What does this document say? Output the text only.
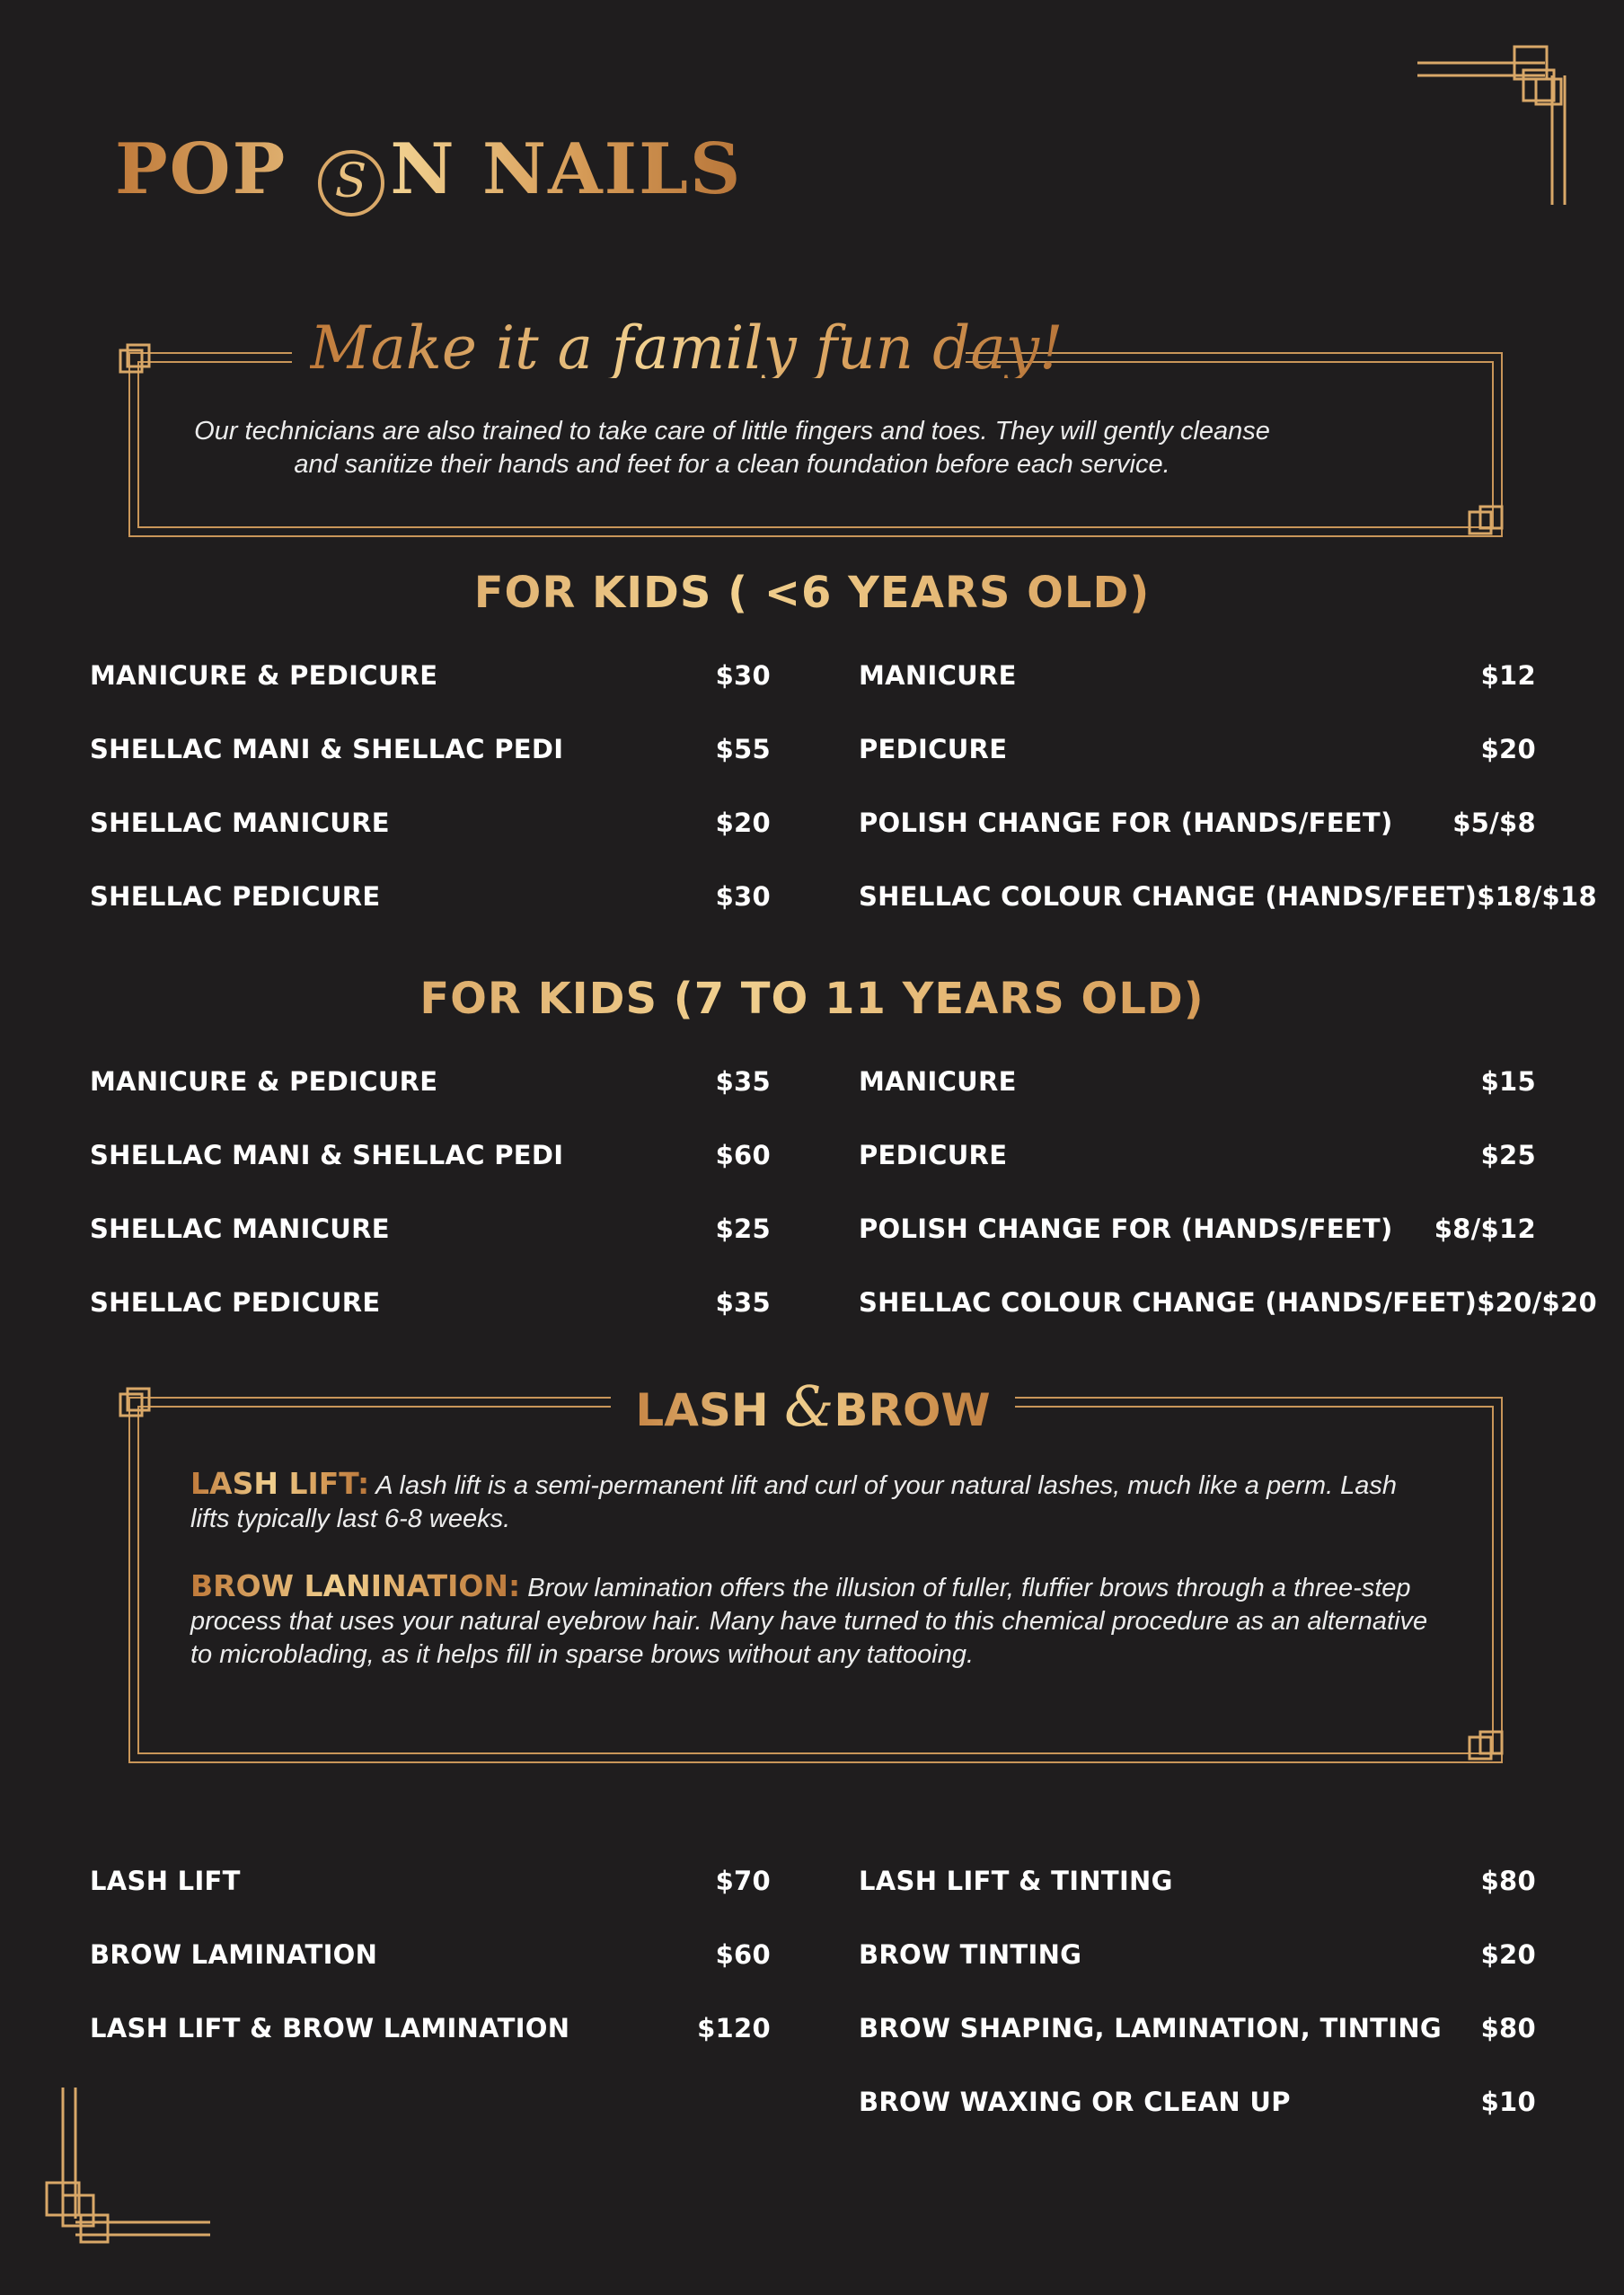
POP S N NAILS
Make it a family fun day!
Our technicians are also trained to take care of little fingers and toes. They will gently cleanse and sanitize their hands and feet for a clean foundation before each service.
FOR KIDS ( <6 YEARS OLD)
MANICURE & PEDICURE	$30
SHELLAC MANI & SHELLAC PEDI	$55
SHELLAC MANICURE	$20
SHELLAC PEDICURE	$30
MANICURE	$12
PEDICURE	$20
POLISH CHANGE FOR (HANDS/FEET) $5/$8
SHELLAC COLOUR CHANGE (HANDS/FEET) $18/$18
FOR KIDS (7 TO 11 YEARS OLD)
MANICURE & PEDICURE	$35
SHELLAC MANI & SHELLAC PEDI	$60
SHELLAC MANICURE	$25
SHELLAC PEDICURE	$35
MANICURE	$15
PEDICURE	$25
POLISH CHANGE FOR (HANDS/FEET) $8/$12
SHELLAC COLOUR CHANGE (HANDS/FEET) $20/$20
LASH &BROW
LASH LIFT: A lash lift is a semi-permanent lift and curl of your natural lashes, much like a perm. Lash lifts typically last 6-8 weeks.
BROW LANINATION: Brow lamination offers the illusion of fuller, fluffier brows through a three-step process that uses your natural eyebrow hair. Many have turned to this chemical procedure as an alternative to microblading, as it helps fill in sparse brows without any tattooing.
LASH LIFT	$70
BROW LAMINATION	$60
LASH LIFT & BROW LAMINATION	$120
LASH LIFT & TINTING	$80
BROW TINTING	$20
BROW SHAPING, LAMINATION, TINTING $80
BROW WAXING OR CLEAN UP	$10
